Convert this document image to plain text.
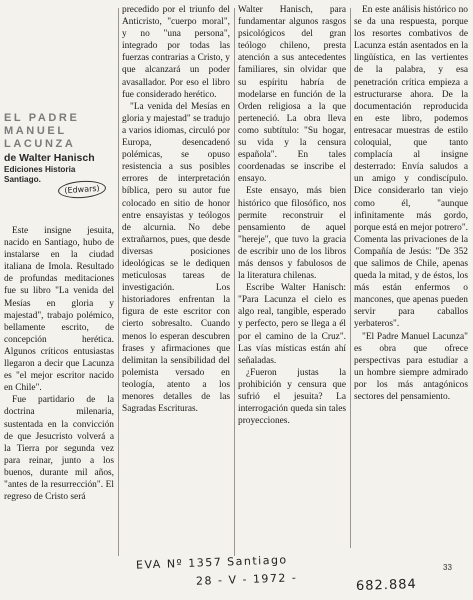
EL PADRE MANUEL LACUNZA
de Walter Hanisch
Ediciones Historia
Santiago.
(Edwars)

Este insigne jesuita, nacido en Santiago, hubo de instalarse en la ciudad italiana de Imola. Resultado de profundas meditaciones fue su libro "La venida del Mesías en gloria y majestad", trabajo polémico, bellamente escrito, de concepción herética. Algunos críticos entusiastas llegaron a decir que Lacunza es "el mejor escritor nacido en Chile".

Fue partidario de la doctrina milenaria, sustentada en la convicción de que Jesucristo volverá a la Tierra por segunda vez para reinar, junto a los buenos, durante mil años, "antes de la resurrección". El regreso de Cristo será

precedido por el triunfo del Anticristo, "cuerpo moral", y no "una persona", integrado por todas las fuerzas contrarias a Cristo, y que alcanzará un poder avasallador. Por eso el libro fue considerado herético.

"La venida del Mesías en gloria y majestad" se tradujo a varios idiomas, circuló por Europa, desencadenó polémicas, se opuso resistencia a sus posibles errores de interpretación bíblica, pero su autor fue colocado en sitio de honor entre ensayistas y teólogos de alcurnia. No debe extrañarnos, pues, que desde diversas posiciones ideológicas se le dediquen meticulosas tareas de investigación. Los historiadores enfrentan la figura de este escritor con cierto sobresalto. Cuando menos lo esperan descubren frases y afirmaciones que delimitan la sensibilidad del polemista versado en teología, atento a los menores detalles de las Sagradas Escrituras.

Walter Hanisch, para fundamentar algunos rasgos psicológicos del gran teólogo chileno, presta atención a sus antecedentes familiares, sin olvidar que su espíritu habría de modelarse en función de la Orden religiosa a la que perteneció. La obra lleva como subtítulo: "Su hogar, su vida y la censura española". En tales coordenadas se inscribe el ensayo.

Este ensayo, más bien histórico que filosófico, nos permite reconstruir el pensamiento de aquel "hereje", que tuvo la gracia de escribir uno de los libros más densos y fabulosos de la literatura chilenas.

Escribe Walter Hanisch: "Para Lacunza el cielo es algo real, tangible, esperado y perfecto, pero se llega a él por el camino de la Cruz". Las vías místicas están ahí señaladas.

¿Fueron justas la prohibición y censura que sufrió el jesuita? La interrogación queda sin tales proyecciones.

En este análisis histórico no se da una respuesta, porque los resortes combativos de Lacunza están asentados en la lingüística, en las vertientes de la palabra, y esa penetración crítica empieza a estructurarse ahora. De la documentación reproducida en este libro, podemos entresacar muestras de estilo coloquial, que tanto complacía al insigne desterrado: Envía saludos a un amigo y condiscípulo. Dice considerarlo tan viejo como él, "aunque infinitamente más gordo, porque está en mejor potrero". Comenta las privaciones de la Compañía de Jesús: "De 352 que salimos de Chile, apenas queda la mitad, y de éstos, los más están enfermos o mancones, que apenas pueden servir para caballos yerbateros".

"El Padre Manuel Lacunza" es obra que ofrece perspectivas para estudiar a un hombre siempre admirado por los más antagónicos sectores del pensamiento.

EVA Nº 1357 Santiago
28 - V - 1972 -	682.884
33
